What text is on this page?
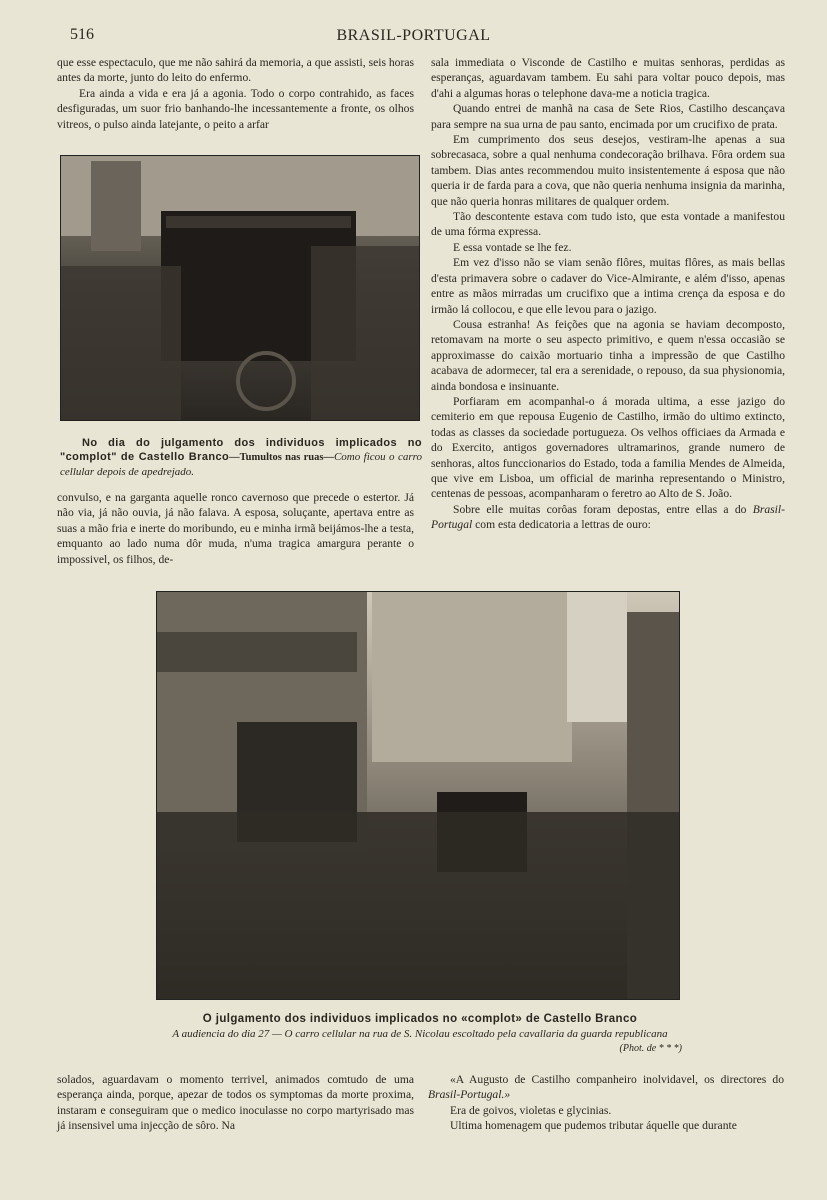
516	BRASIL-PORTUGAL

que esse espectaculo, que me não sahirá da memoria, a que assisti, seis horas antes da morte, junto do leito do enfermo.

Era ainda a vida e era já a agonia. Todo o corpo contrahido, as faces desfiguradas, um suor frio banhando-lhe incessantemente a fronte, os olhos vitreos, o pulso ainda latejante, o peito a arfar

No dia do julgamento dos individuos implicados no "complot" de Castello Branco—Tumultos nas ruas—Como ficou o carro cellular depois de apedrejado.

convulso, e na garganta aquelle ronco cavernoso que precede o estertor. Já não via, já não ouvia, já não falava. A esposa, soluçante, apertava entre as suas a mão fria e inerte do moribundo, eu e minha irmã beijámos-lhe a testa, emquanto ao lado numa dôr muda, n'uma tragica amargura perante o impossivel, os filhos, de-

sala immediata o Visconde de Castilho e muitas senhoras, perdidas as esperanças, aguardavam tambem. Eu sahi para voltar pouco depois, mas d'ahi a algumas horas o telephone dava-me a noticia tragica.

Quando entrei de manhã na casa de Sete Rios, Castilho descançava para sempre na sua urna de pau santo, encimada por um crucifixo de prata.

Em cumprimento dos seus desejos, vestiram-lhe apenas a sua sobrecasaca, sobre a qual nenhuma condecoração brilhava. Fôra ordem sua tambem. Dias antes recommendou muito insistentemente á esposa que não queria ir de farda para a cova, que não queria nenhuma insignia da marinha, que não queria honras militares de qualquer ordem.

Tão descontente estava com tudo isto, que esta vontade a manifestou de uma fórma expressa.

E essa vontade se lhe fez.

Em vez d'isso não se viam senão flôres, muitas flôres, as mais bellas d'esta primavera sobre o cadaver do Vice-Almirante, e além d'isso, apenas entre as mãos mirradas um crucifixo que a intima crença da esposa e do irmão lá collocou, e que elle levou para o jazigo.

Cousa estranha! As feições que na agonia se haviam decomposto, retomavam na morte o seu aspecto primitivo, e quem n'essa occasião se approximasse do caixão mortuario tinha a impressão de que Castilho acabava de adormecer, tal era a serenidade, o repouso, da sua physionomia, ainda bondosa e insinuante.

Porfiaram em acompanhal-o á morada ultima, a esse jazigo do cemiterio em que repousa Eugenio de Castilho, irmão do ultimo extincto, todas as classes da sociedade portugueza. Os velhos officiaes da Armada e do Exercito, antigos governadores ultramarinos, grande numero de senhoras, altos funccionarios do Estado, toda a familia Mendes de Almeida, que vive em Lisboa, um official de marinha representando o Ministro, centenas de pessoas, acompanharam o feretro ao Alto de S. João.

Sobre elle muitas corôas foram depostas, entre ellas a do Brasil-Portugal com esta dedicatoria a lettras de ouro:

O julgamento dos individuos implicados no «complot» de Castello Branco
A audiencia do dia 27 — O carro cellular na rua de S. Nicolau escoltado pela cavallaria da guarda republicana
(Phot. de * * *)

solados, aguardavam o momento terrivel, animados comtudo de uma esperança ainda, porque, apezar de todos os symptomas da morte proxima, instaram e conseguiram que o medico inoculasse no corpo martyrisado mas já insensivel uma injecção de sôro. Na

«A Augusto de Castilho companheiro inolvidavel, os directores do Brasil-Portugal.»

Era de goivos, violetas e glycinias.

Ultima homenagem que pudemos tributar áquelle que durante
